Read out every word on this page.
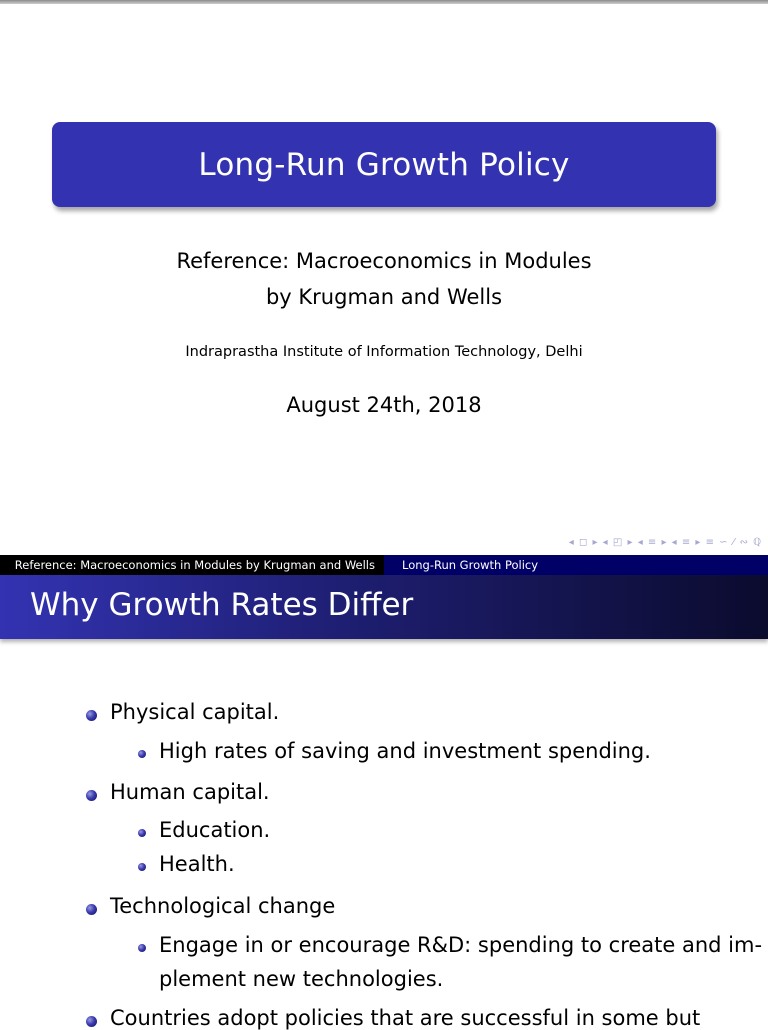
Long-Run Growth Policy
Reference: Macroeconomics in Modules
by Krugman and Wells
Indraprastha Institute of Information Technology, Delhi
August 24th, 2018
◂ ◻ ▸ ◂ ◰ ▸ ◂ ≡ ▸ ◂ ≡ ▸ ≡ ∽ ⁄ ∾ ℚ
Reference: Macroeconomics in Modules by Krugman and Wells	Long-Run Growth Policy
Why Growth Rates Differ
Physical capital.
High rates of saving and investment spending.
Human capital.
Education.
Health.
Technological change
Engage in or encourage R&D: spending to create and im-
plement new technologies.
Countries adopt policies that are successful in some but
